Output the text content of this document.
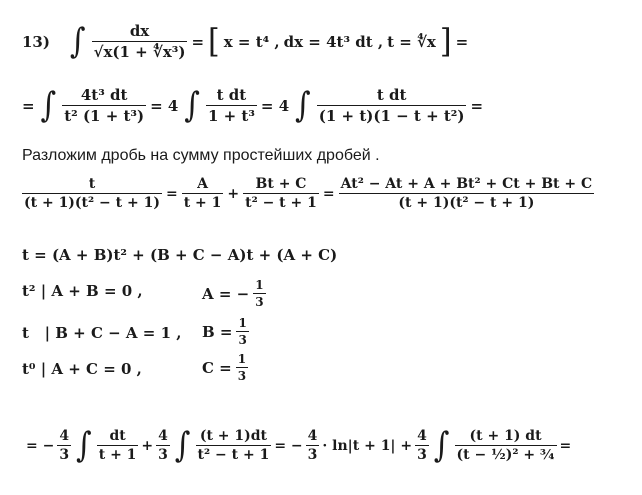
13) ∫ $\frac{dx}{\text{√x(1 + ∜x³)}}$ = [ x = t⁴ , dx = 4t³ dt , t = ∜x ] =
= ∫ $\frac{\text{4t³ dt}}{\text{t² (1 + t³)}} = 4$ ∫ $\frac{\text{t dt}}{\text{1 + t³}} = 4$ ∫ $\frac{\text{t dt}}{\text{(1 + t)(1 − t + t²)}}$ =
Разложим дробь на сумму простейших дробей .
$\frac{t}{\text{(t + 1)(t² − t + 1)}} = \frac{A}{t + 1} + \frac{Bt + C}{\text{t² − t + 1}} = \frac{\text{At² − At + A + Bt² + Ct + Bt + C}}{\text{(t + 1)(t² − t + 1)}}$
t = (A + B)t² + (B + C − A)t + (A + C)
t² | A + B = 0 ,	A = − $\frac{1}{3}$
t   | B + C − A = 1 , $B = \frac{1}{3}$
t⁰ | A + C = 0 ,	$C = \frac{1}{3}$
= − $\frac{4}{3}$ ∫ $\frac{dt}{t + 1} + \frac{4}{3}$ ∫ $\frac{(t + 1)dt}{\text{t² − t + 1}}$ = − $\frac{4}{3} \cdot \ln|t + 1| + \frac{4}{3}$ ∫ $\frac{(t + 1) dt}{\text{(t − ½)² + ¾}}$ =
